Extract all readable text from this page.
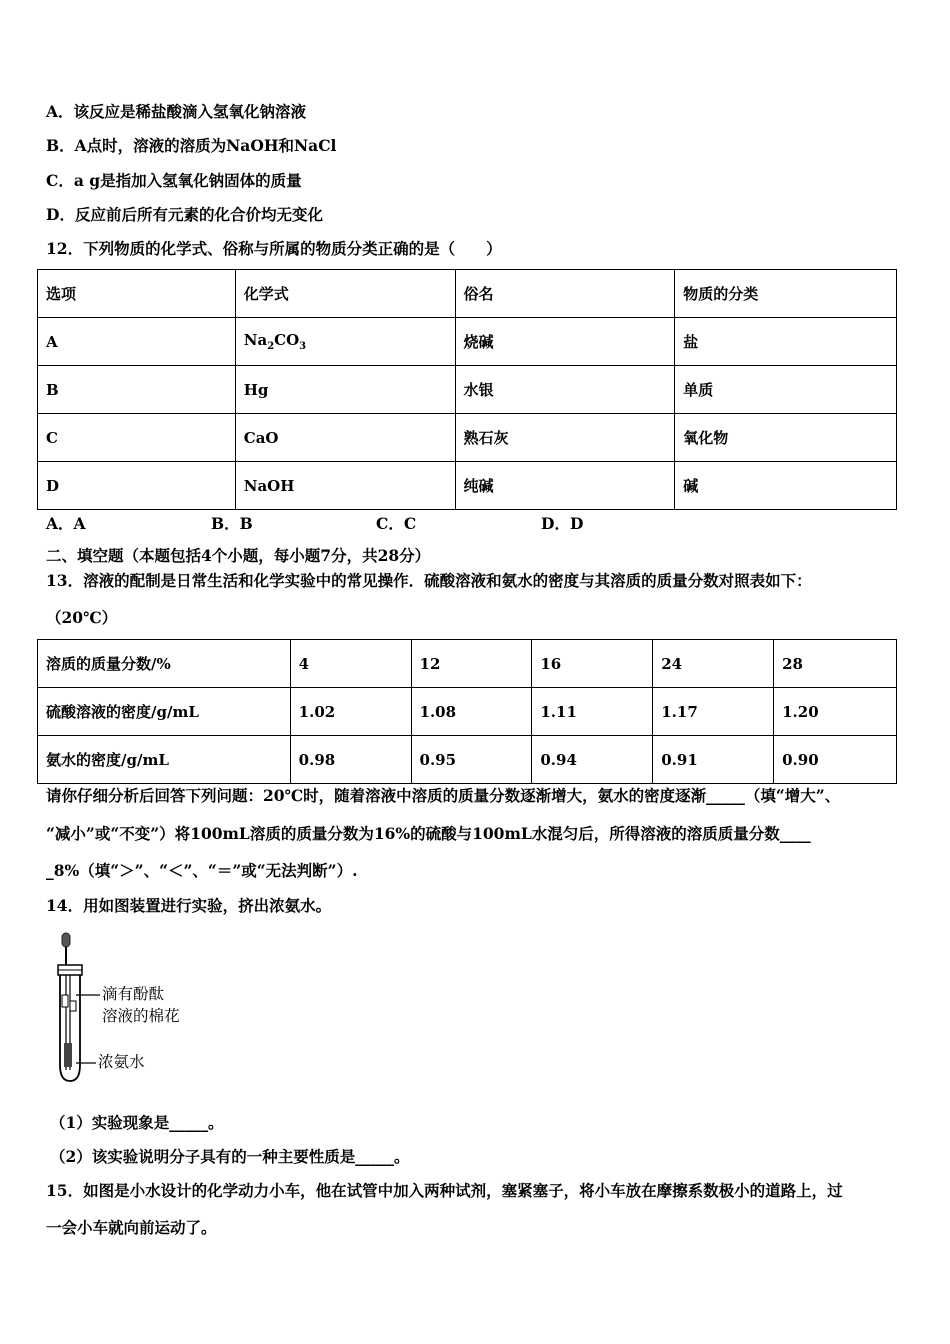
A．该反应是稀盐酸滴入氢氧化钠溶液
B．A点时，溶液的溶质为NaOH和NaCl
C．a g是指加入氢氧化钠固体的质量
D．反应前后所有元素的化合价均无变化
12．下列物质的化学式、俗称与所属的物质分类正确的是（　　）
选项	化学式	俗名	物质的分类
A	$Na_2CO_3$	烧碱	盐
B	Hg	水银	单质
C	CaO	熟石灰	氧化物
D	NaOH	纯碱	碱
A．A	B．B	C．C	D．D
二、填空题（本题包括4个小题，每小题7分，共28分）
13．溶液的配制是日常生活和化学实验中的常见操作．硫酸溶液和氨水的密度与其溶质的质量分数对照表如下：
（20℃）
溶质的质量分数/%	4	12	16	24	28
硫酸溶液的密度/g/mL	1.02	1.08	1.11	1.17	1.20
氨水的密度/g/mL	0.98	0.95	0.94	0.91	0.90
请你仔细分析后回答下列问题：20℃时，随着溶液中溶质的质量分数逐渐增大，氨水的密度逐渐_____（填“增大”、
“减小”或“不变”）将100mL溶质的质量分数为16%的硫酸与100mL水混匀后，所得溶液的溶质质量分数____
_8%（填“＞”、“＜”、“＝”或“无法判断”）.
14．用如图装置进行实验，挤出浓氨水。
滴有酚酞
溶液的棉花
浓氨水
（1）实验现象是_____。
（2）该实验说明分子具有的一种主要性质是_____。
15．如图是小水设计的化学动力小车，他在试管中加入两种试剂，塞紧塞子，将小车放在摩擦系数极小的道路上，过
一会小车就向前运动了。
